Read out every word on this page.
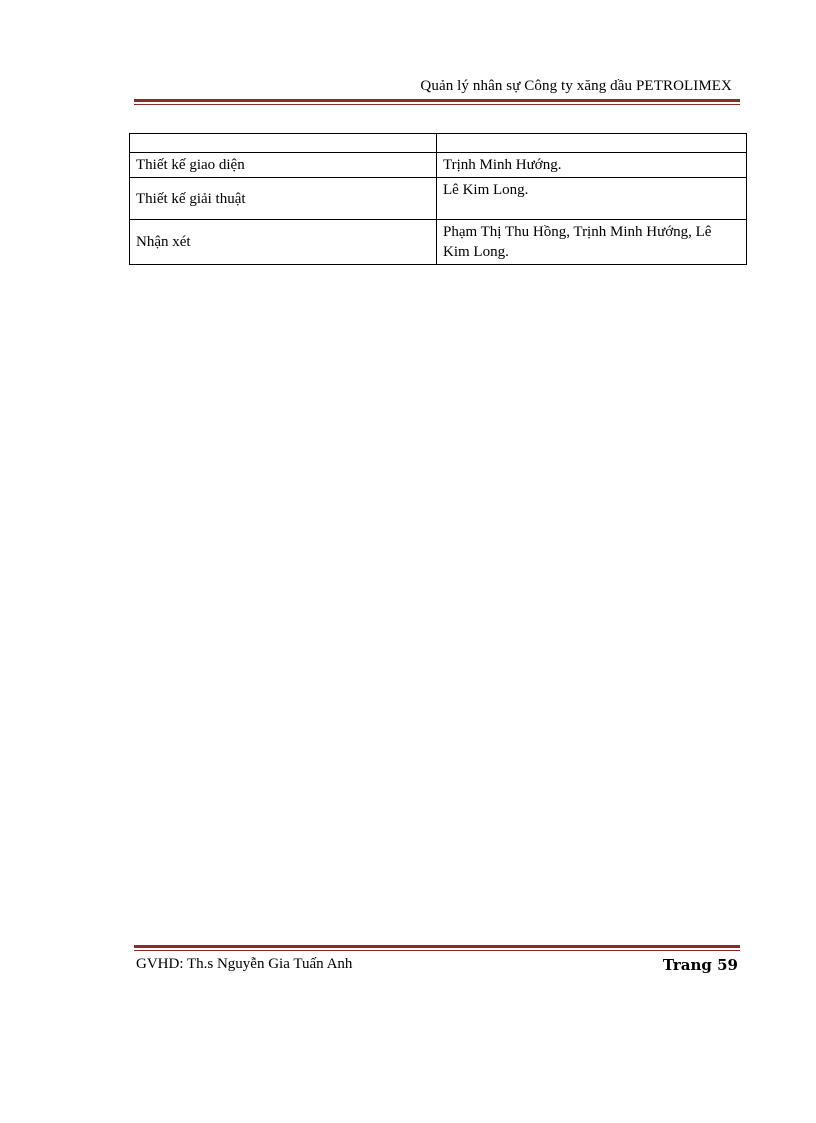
Quản lý nhân sự Công ty xăng dầu PETROLIMEX

Thiết kế giao diện	Trịnh Minh Hướng.
Thiết kế giải thuật	Lê Kim Long.
Nhận xét	Phạm Thị Thu Hồng, Trịnh Minh Hướng, Lê Kim Long.
GVHD: Th.s Nguyễn Gia Tuấn Anh	Trang 59
